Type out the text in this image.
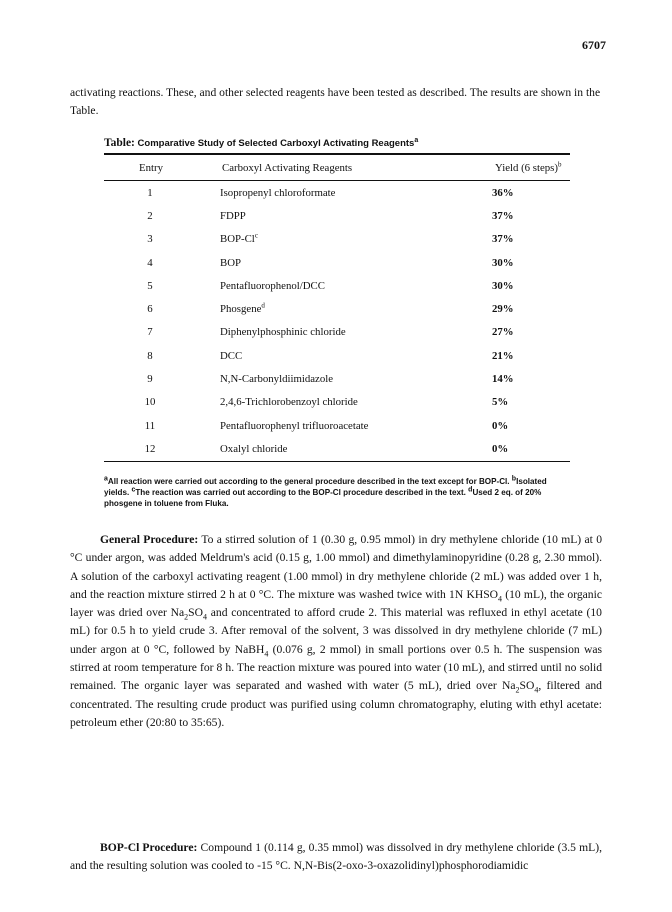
6707

activating reactions. These, and other selected reagents have been tested as described. The results are shown in the Table.

Table: Comparative Study of Selected Carboxyl Activating Reagents$^a$
Entry	Carboxyl Activating Reagents	Yield (6 steps)$^b$
1	Isopropenyl chloroformate	36%
2	FDPP	37%
3	BOP-Cl$^c$	37%
4	BOP	30%
5	Pentafluorophenol/DCC	30%
6	Phosgene$^d$	29%
7	Diphenylphosphinic chloride	27%
8	DCC	21%
9	N,N-Carbonyldiimidazole	14%
10	2,4,6-Trichlorobenzoyl chloride	5%
11	Pentafluorophenyl trifluoroacetate	0%
12	Oxalyl chloride	0%

$^a$All reaction were carried out according to the general procedure described in the text except for BOP-Cl. $^b$Isolated yields. $^c$The reaction was carried out according to the BOP-Cl procedure described in the text. $^d$Used 2 eq. of 20% phosgene in toluene from Fluka.

General Procedure: To a stirred solution of 1 (0.30 g, 0.95 mmol) in dry methylene chloride (10 mL) at 0 °C under argon, was added Meldrum's acid (0.15 g, 1.00 mmol) and dimethylaminopyridine (0.28 g, 2.30 mmol). A solution of the carboxyl activating reagent (1.00 mmol) in dry methylene chloride (2 mL) was added over 1 h, and the reaction mixture stirred 2 h at 0 °C. The mixture was washed twice with 1N $KHSO_4$ (10 mL), the organic layer was dried over $Na_2SO_4$ and concentrated to afford crude 2. This material was refluxed in ethyl acetate (10 mL) for 0.5 h to yield crude 3. After removal of the solvent, 3 was dissolved in dry methylene chloride (7 mL) under argon at 0 °C, followed by NaBH$_4$ (0.076 g, 2 mmol) in small portions over 0.5 h. The suspension was stirred at room temperature for 8 h. The reaction mixture was poured into water (10 mL), and stirred until no solid remained. The organic layer was separated and washed with water (5 mL), dried over $Na_2SO_4$, filtered and concentrated. The resulting crude product was purified using column chromatography, eluting with ethyl acetate: petroleum ether (20:80 to 35:65).

BOP-Cl Procedure: Compound 1 (0.114 g, 0.35 mmol) was dissolved in dry methylene chloride (3.5 mL), and the resulting solution was cooled to -15 °C. N,N-Bis(2-oxo-3-oxazolidinyl)phosphorodiamidic
